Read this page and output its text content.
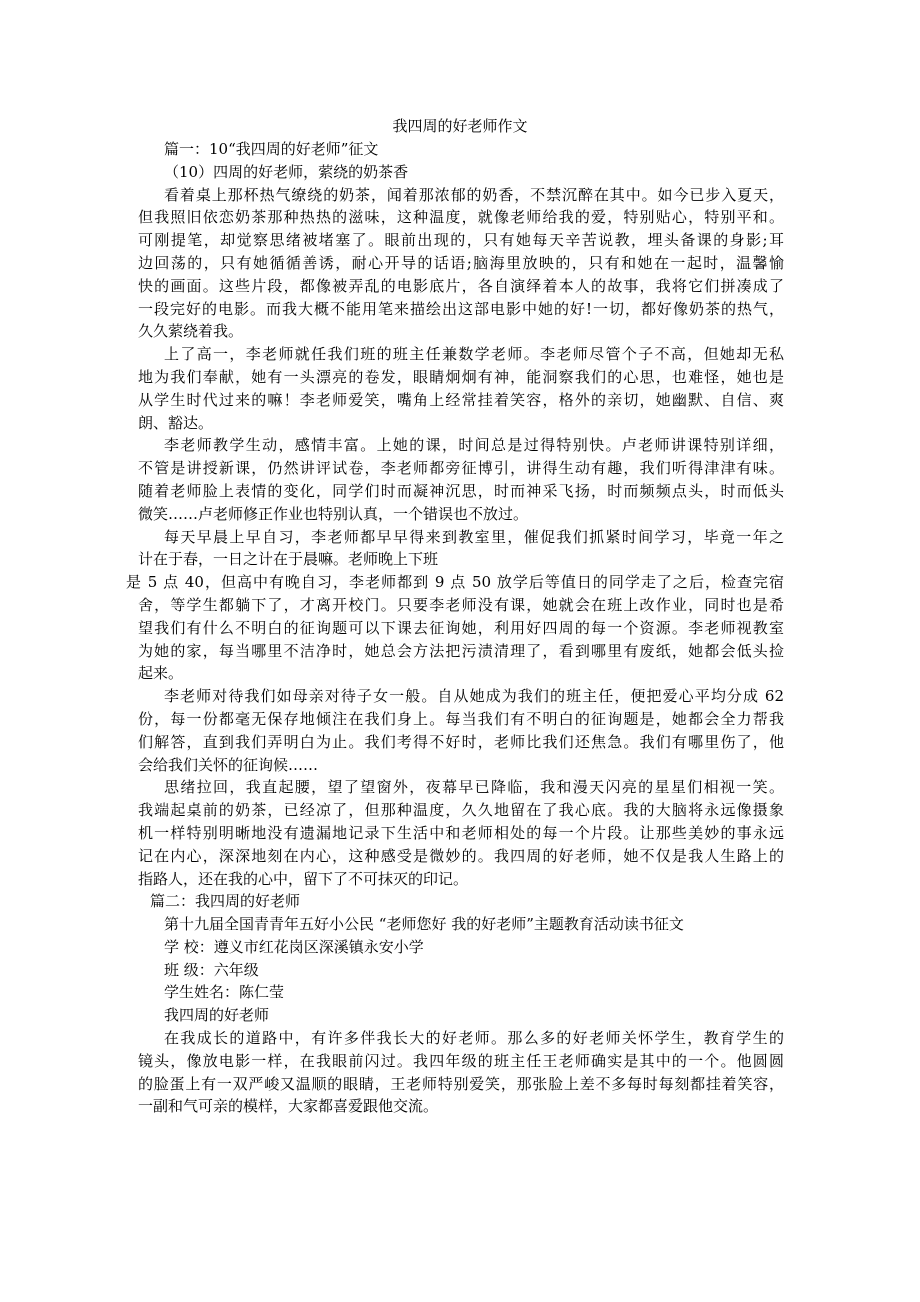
我四周的好老师作文
篇一：10“我四周的好老师”征文
（10）四周的好老师，萦绕的奶茶香
看着桌上那杯热气缭绕的奶茶，闻着那浓郁的奶香，不禁沉醉在其中。如今已步入夏天，
但我照旧依恋奶茶那种热热的滋味，这种温度，就像老师给我的爱，特别贴心，特别平和。
可刚提笔，却觉察思绪被堵塞了。眼前出现的，只有她每天辛苦说教，埋头备课的身影;耳
边回荡的，只有她循循善诱，耐心开导的话语;脑海里放映的，只有和她在一起时，温馨愉
快的画面。这些片段，都像被弄乱的电影底片，各自演绎着本人的故事，我将它们拼凑成了
一段完好的电影。而我大概不能用笔来描绘出这部电影中她的好!一切，都好像奶茶的热气，
久久萦绕着我。
上了高一，李老师就任我们班的班主任兼数学老师。李老师尽管个子不高，但她却无私
地为我们奉献，她有一头漂亮的卷发，眼睛炯炯有神，能洞察我们的心思，也难怪，她也是
从学生时代过来的嘛！李老师爱笑，嘴角上经常挂着笑容，格外的亲切，她幽默、自信、爽
朗、豁达。
李老师教学生动，感情丰富。上她的课，时间总是过得特别快。卢老师讲课特别详细，
不管是讲授新课，仍然讲评试卷，李老师都旁征博引，讲得生动有趣，我们听得津津有味。
随着老师脸上表情的变化，同学们时而凝神沉思，时而神采飞扬，时而频频点头，时而低头
微笑……卢老师修正作业也特别认真，一个错误也不放过。
每天早晨上早自习，李老师都早早得来到教室里，催促我们抓紧时间学习，毕竟一年之
计在于春，一日之计在于晨嘛。老师晚上下班
是 5 点 40，但高中有晚自习，李老师都到 9 点 50 放学后等值日的同学走了之后，检查完宿
舍，等学生都躺下了，才离开校门。只要李老师没有课，她就会在班上改作业，同时也是希
望我们有什么不明白的征询题可以下课去征询她，利用好四周的每一个资源。李老师视教室
为她的家，每当哪里不洁净时，她总会方法把污渍清理了，看到哪里有废纸，她都会低头捡
起来。
李老师对待我们如母亲对待子女一般。自从她成为我们的班主任，便把爱心平均分成 62
份，每一份都毫无保存地倾注在我们身上。每当我们有不明白的征询题是，她都会全力帮我
们解答，直到我们弄明白为止。我们考得不好时，老师比我们还焦急。我们有哪里伤了，他
会给我们关怀的征询候……
思绪拉回，我直起腰，望了望窗外，夜幕早已降临，我和漫天闪亮的星星们相视一笑。
我端起桌前的奶茶，已经凉了，但那种温度，久久地留在了我心底。我的大脑将永远像摄象
机一样特别明晰地没有遗漏地记录下生活中和老师相处的每一个片段。让那些美妙的事永远
记在内心，深深地刻在内心，这种感受是微妙的。我四周的好老师，她不仅是我人生路上的
指路人，还在我的心中，留下了不可抹灭的印记。
篇二：我四周的好老师
第十九届全国青青年五好小公民 “老师您好 我的好老师”主题教育活动读书征文
学 校：遵义市红花岗区深溪镇永安小学
班 级：六年级
学生姓名：陈仁莹
我四周的好老师
在我成长的道路中，有许多伴我长大的好老师。那么多的好老师关怀学生，教育学生的
镜头，像放电影一样，在我眼前闪过。我四年级的班主任王老师确实是其中的一个。他圆圆
的脸蛋上有一双严峻又温顺的眼睛，王老师特别爱笑，那张脸上差不多每时每刻都挂着笑容，
一副和气可亲的模样，大家都喜爱跟他交流。
